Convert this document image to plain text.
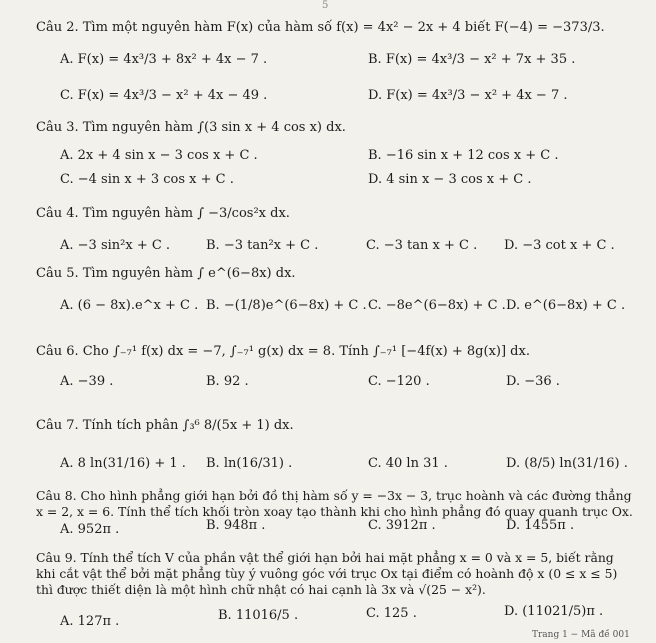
5
Câu 2. Tìm một nguyên hàm F(x) của hàm số f(x) = 4x² − 2x + 4 biết F(−4) = −373/3.
A. F(x) = 4x³/3 + 8x² + 4x − 7 .	B. F(x) = 4x³/3 − x² + 7x + 35 .
C. F(x) = 4x³/3 − x² + 4x − 49 .	D. F(x) = 4x³/3 − x² + 4x − 7 .
Câu 3. Tìm nguyên hàm ∫(3 sin x + 4 cos x) dx.
A. 2x + 4 sin x − 3 cos x + C .	B. −16 sin x + 12 cos x + C .
C. −4 sin x + 3 cos x + C .	D. 4 sin x − 3 cos x + C .
Câu 4. Tìm nguyên hàm ∫ −3/cos²x dx.
A. −3 sin²x + C .	B. −3 tan²x + C .	C. −3 tan x + C . D. −3 cot x + C .
Câu 5. Tìm nguyên hàm ∫ e^(6−8x) dx.
A. (6 − 8x).e^x + C . B. −(1/8)e^(6−8x) + C . C. −8e^(6−8x) + C . D. e^(6−8x) + C .
Câu 6. Cho ∫₋₇¹ f(x) dx = −7, ∫₋₇¹ g(x) dx = 8. Tính ∫₋₇¹ [−4f(x) + 8g(x)] dx.
A. −39 .	B. 92 .	C. −120 .	D. −36 .
Câu 7. Tính tích phân ∫₃⁶ 8/(5x + 1) dx.
A. 8 ln(31/16) + 1 . B. ln(16/31) .	C. 40 ln 31 .	D. (8/5) ln(31/16) .
Câu 8. Cho hình phẳng giới hạn bởi đồ thị hàm số y = −3x − 3, trục hoành và các đường thẳng
x = 2, x = 6. Tính thể tích khối tròn xoay tạo thành khi cho hình phẳng đó quay quanh trục Ox.
A. 952π .	B. 948π .	C. 3912π .	D. 1455π .
Câu 9. Tính thể tích V của phần vật thể giới hạn bởi hai mặt phẳng x = 0 và x = 5, biết rằng
khi cắt vật thể bởi mặt phẳng tùy ý vuông góc với trục Ox tại điểm có hoành độ x (0 ≤ x ≤ 5)
thì được thiết diện là một hình chữ nhật có hai cạnh là 3x và √(25 − x²).
A. 127π .	B. 11016/5 .	C. 125 .	D. (11021/5)π .
Trang 1 − Mã đề 001
